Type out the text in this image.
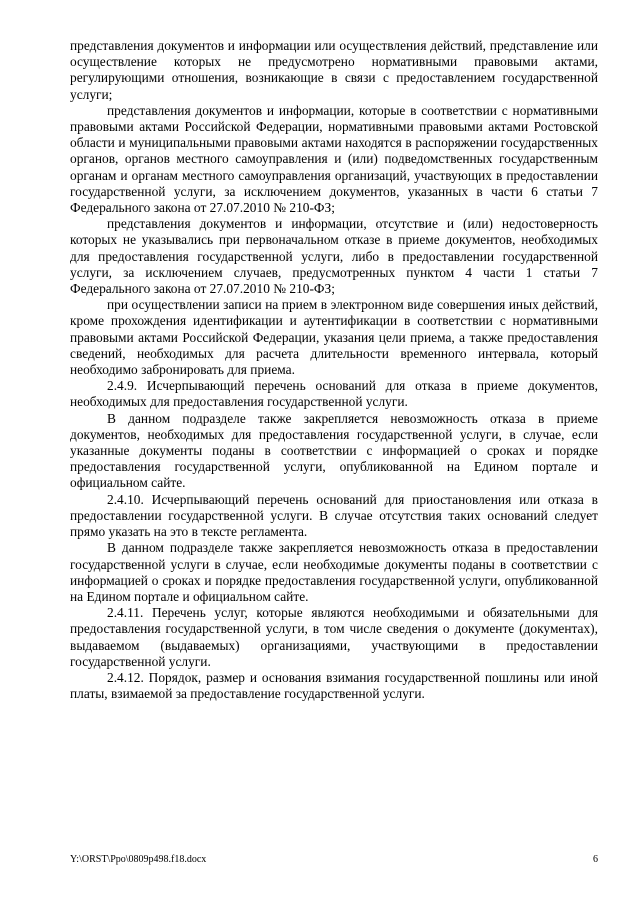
представления документов и информации или осуществления действий, представление или осуществление которых не предусмотрено нормативными правовыми актами, регулирующими отношения, возникающие в связи с предоставлением государственной услуги;

представления документов и информации, которые в соответствии с нормативными правовыми актами Российской Федерации, нормативными правовыми актами Ростовской области и муниципальными правовыми актами находятся в распоряжении государственных органов, органов местного самоуправления и (или) подведомственных государственным органам и органам местного самоуправления организаций, участвующих в предоставлении государственной услуги, за исключением документов, указанных в части 6 статьи 7 Федерального закона от 27.07.2010 № 210-ФЗ;

представления документов и информации, отсутствие и (или) недостоверность которых не указывались при первоначальном отказе в приеме документов, необходимых для предоставления государственной услуги, либо в предоставлении государственной услуги, за исключением случаев, предусмотренных пунктом 4 части 1 статьи 7 Федерального закона от 27.07.2010 № 210-ФЗ;

при осуществлении записи на прием в электронном виде совершения иных действий, кроме прохождения идентификации и аутентификации в соответствии с нормативными правовыми актами Российской Федерации, указания цели приема, а также предоставления сведений, необходимых для расчета длительности временного интервала, который необходимо забронировать для приема.

2.4.9. Исчерпывающий перечень оснований для отказа в приеме документов, необходимых для предоставления государственной услуги.

В данном подразделе также закрепляется невозможность отказа в приеме документов, необходимых для предоставления государственной услуги, в случае, если указанные документы поданы в соответствии с информацией о сроках и порядке предоставления государственной услуги, опубликованной на Едином портале и официальном сайте.

2.4.10. Исчерпывающий перечень оснований для приостановления или отказа в предоставлении государственной услуги. В случае отсутствия таких оснований следует прямо указать на это в тексте регламента.

В данном подразделе также закрепляется невозможность отказа в предоставлении государственной услуги в случае, если необходимые документы поданы в соответствии с информацией о сроках и порядке предоставления государственной услуги, опубликованной на Едином портале и официальном сайте.

2.4.11. Перечень услуг, которые являются необходимыми и обязательными для предоставления государственной услуги, в том числе сведения о документе (документах), выдаваемом (выдаваемых) организациями, участвующими в предоставлении государственной услуги.

2.4.12. Порядок, размер и основания взимания государственной пошлины или иной платы, взимаемой за предоставление государственной услуги.

Y:\ORST\Ppo\0809p498.f18.docx	6
